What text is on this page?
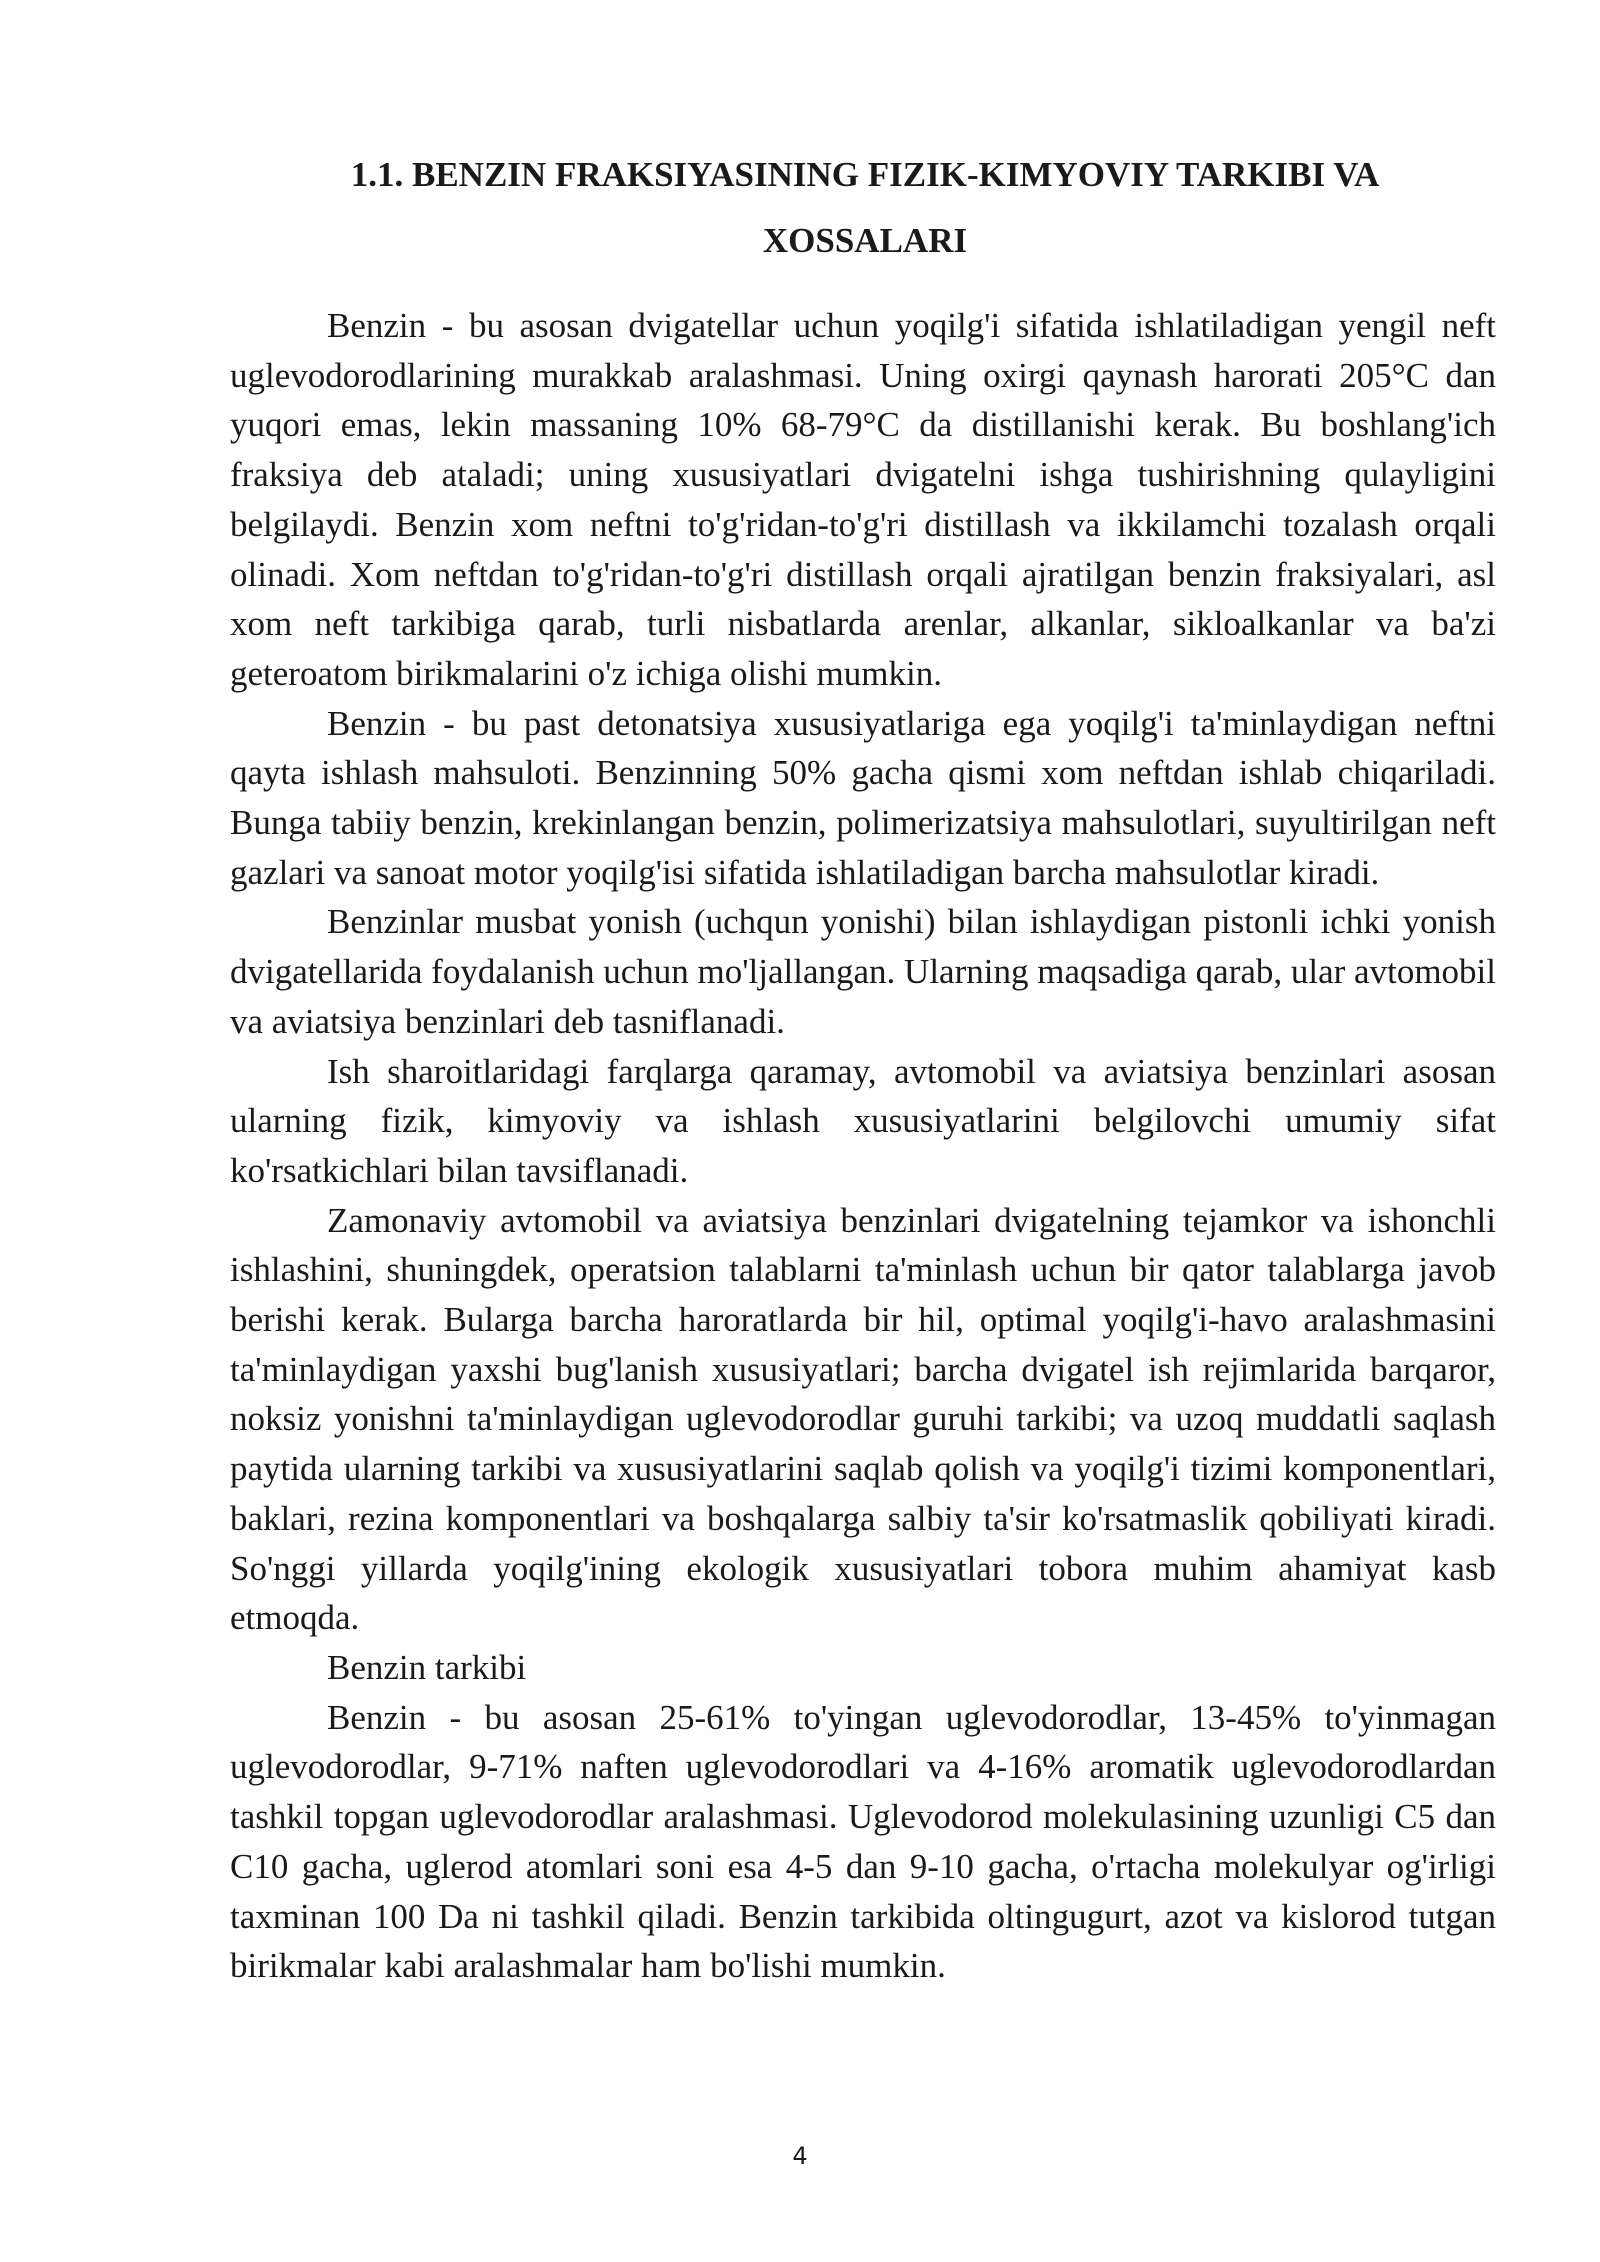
1.1. BENZIN FRAKSIYASINING FIZIK-KIMYOVIY TARKIBI VA
XOSSALARI

Benzin - bu asosan dvigatellar uchun yoqilg'i sifatida ishlatiladigan yengil neft uglevodorodlarining murakkab aralashmasi. Uning oxirgi qaynash harorati 205°C dan yuqori emas, lekin massaning 10% 68-79°C da distillanishi kerak. Bu boshlang'ich fraksiya deb ataladi; uning xususiyatlari dvigatelni ishga tushirishning qulayligini belgilaydi. Benzin xom neftni to'g'ridan-to'g'ri distillash va ikkilamchi tozalash orqali olinadi. Xom neftdan to'g'ridan-to'g'ri distillash orqali ajratilgan benzin fraksiyalari, asl xom neft tarkibiga qarab, turli nisbatlarda arenlar, alkanlar, sikloalkanlar va ba'zi geteroatom birikmalarini o'z ichiga olishi mumkin.

Benzin - bu past detonatsiya xususiyatlariga ega yoqilg'i ta'minlaydigan neftni qayta ishlash mahsuloti. Benzinning 50% gacha qismi xom neftdan ishlab chiqariladi. Bunga tabiiy benzin, krekinlangan benzin, polimerizatsiya mahsulotlari, suyultirilgan neft gazlari va sanoat motor yoqilg'isi sifatida ishlatiladigan barcha mahsulotlar kiradi.

Benzinlar musbat yonish (uchqun yonishi) bilan ishlaydigan pistonli ichki yonish dvigatellarida foydalanish uchun mo'ljallangan. Ularning maqsadiga qarab, ular avtomobil va aviatsiya benzinlari deb tasniflanadi.

Ish sharoitlaridagi farqlarga qaramay, avtomobil va aviatsiya benzinlari asosan ularning fizik, kimyoviy va ishlash xususiyatlarini belgilovchi umumiy sifat ko'rsatkichlari bilan tavsiflanadi.

Zamonaviy avtomobil va aviatsiya benzinlari dvigatelning tejamkor va ishonchli ishlashini, shuningdek, operatsion talablarni ta'minlash uchun bir qator talablarga javob berishi kerak. Bularga barcha haroratlarda bir hil, optimal yoqilg'i-havo aralashmasini ta'minlaydigan yaxshi bug'lanish xususiyatlari; barcha dvigatel ish rejimlarida barqaror, noksiz yonishni ta'minlaydigan uglevodorodlar guruhi tarkibi; va uzoq muddatli saqlash paytida ularning tarkibi va xususiyatlarini saqlab qolish va yoqilg'i tizimi komponentlari, baklari, rezina komponentlari va boshqalarga salbiy ta'sir ko'rsatmaslik qobiliyati kiradi. So'nggi yillarda yoqilg'ining ekologik xususiyatlari tobora muhim ahamiyat kasb etmoqda.

Benzin tarkibi

Benzin - bu asosan 25-61% to'yingan uglevodorodlar, 13-45% to'yinmagan uglevodorodlar, 9-71% naften uglevodorodlari va 4-16% aromatik uglevodorodlardan tashkil topgan uglevodorodlar aralashmasi. Uglevodorod molekulasining uzunligi C5 dan C10 gacha, uglerod atomlari soni esa 4-5 dan 9-10 gacha, o'rtacha molekulyar og'irligi taxminan 100 Da ni tashkil qiladi. Benzin tarkibida oltingugurt, azot va kislorod tutgan birikmalar kabi aralashmalar ham bo'lishi mumkin.

4
